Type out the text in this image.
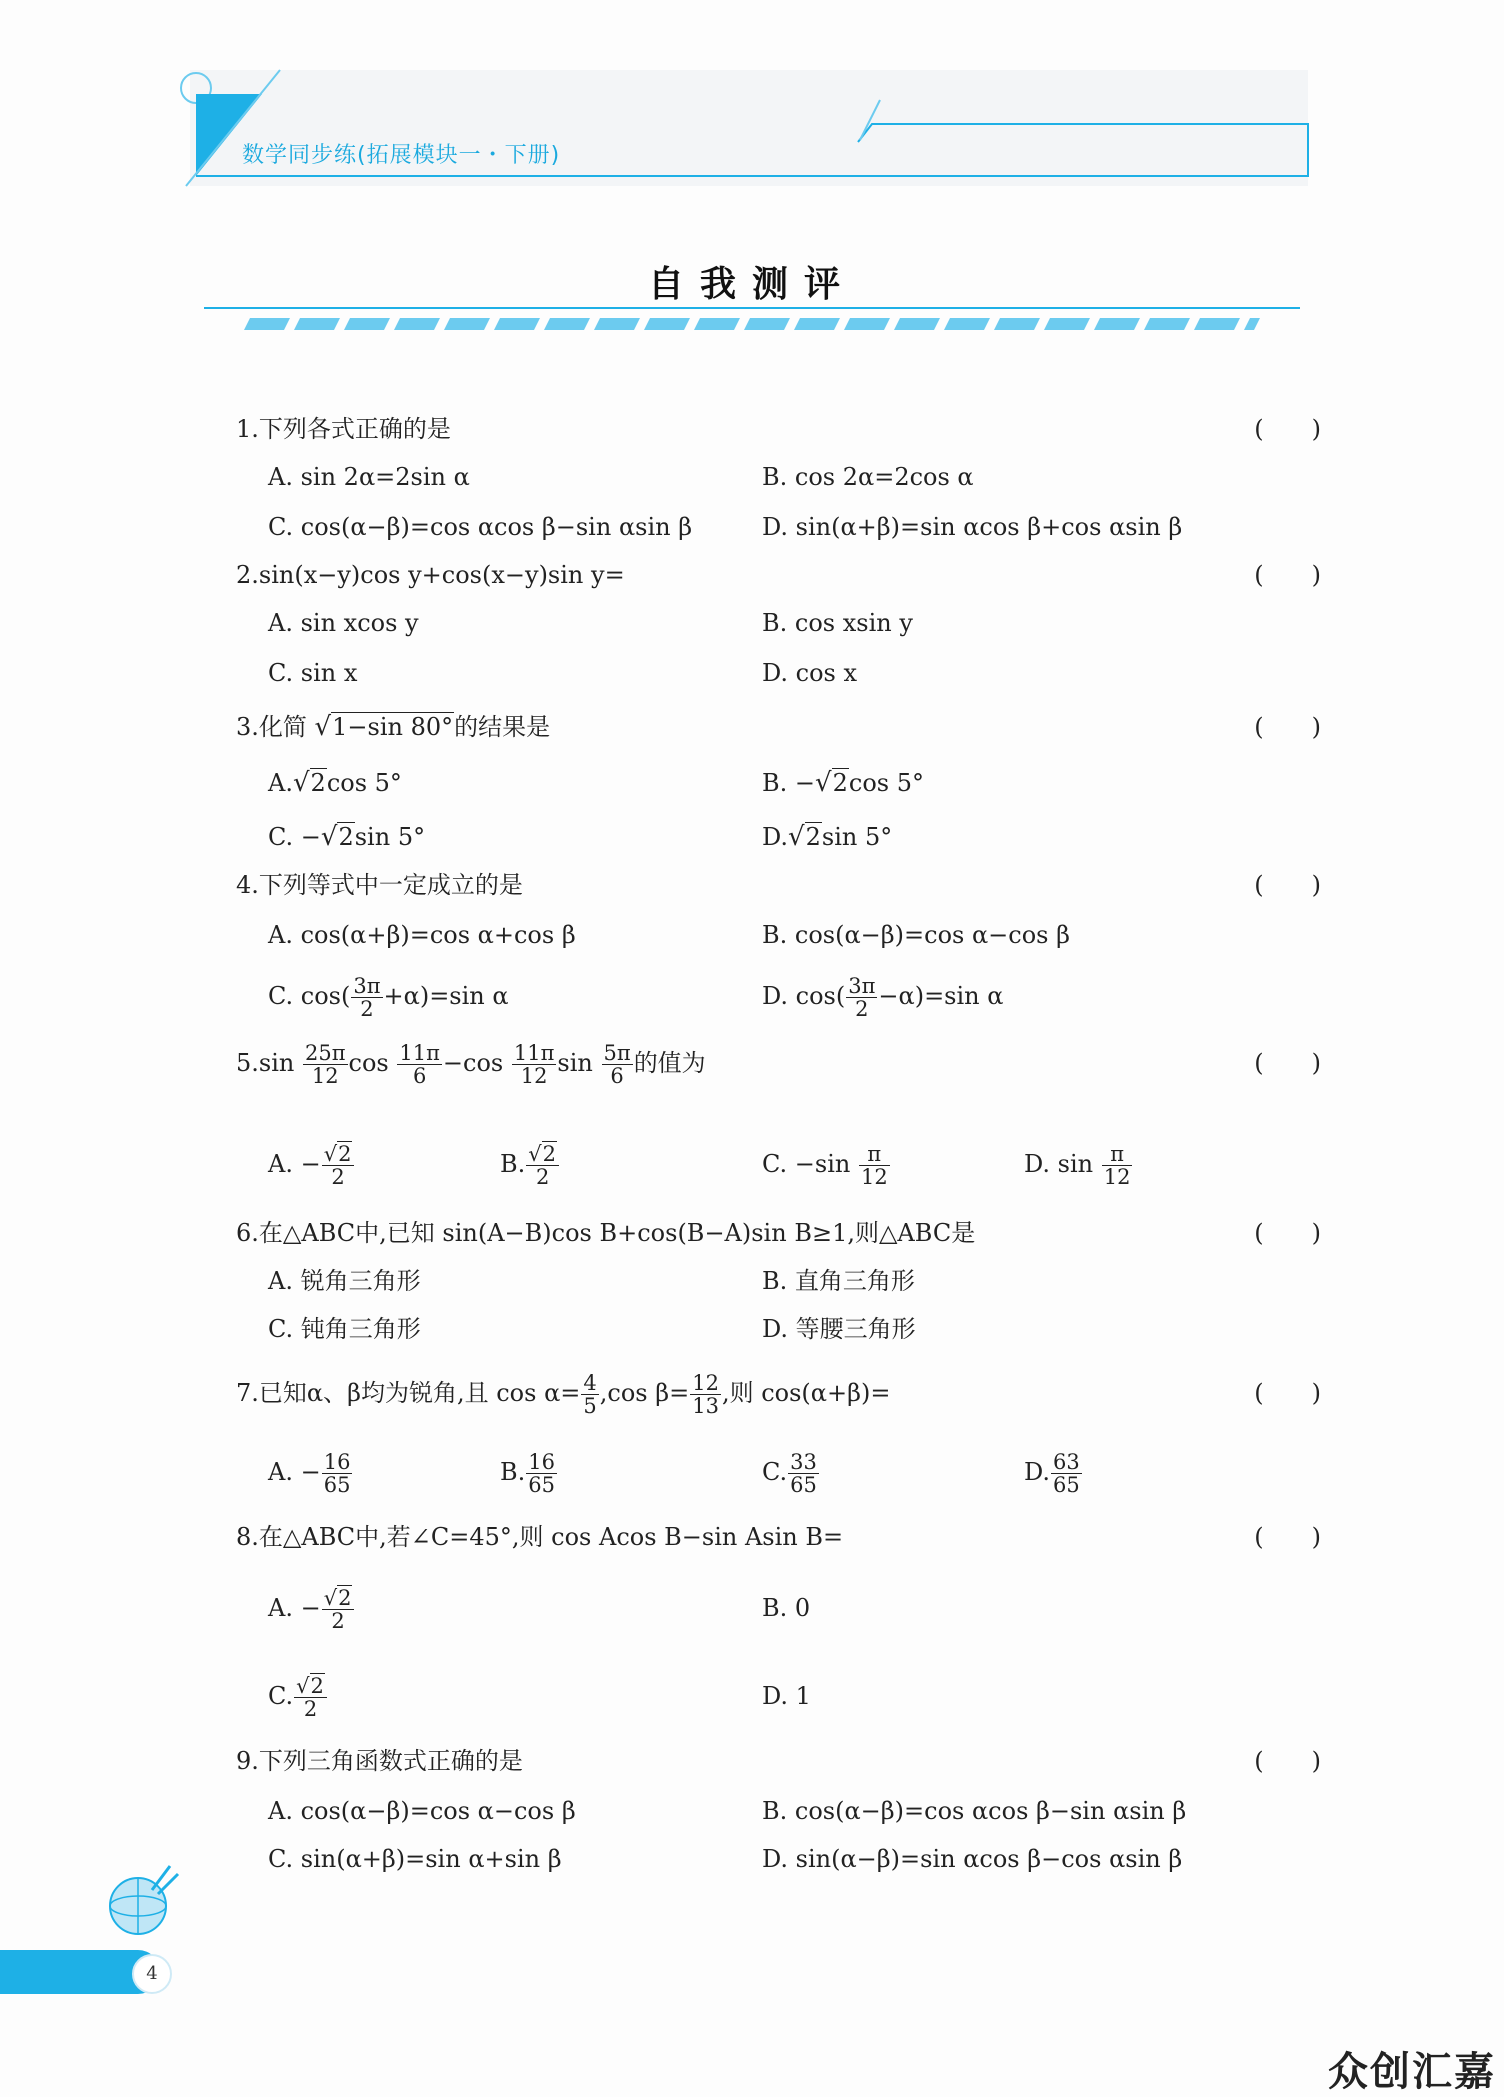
数学同步练(拓展模块一・下册)
自我测评
1.下列各式正确的是	(　　)
A. sin 2α=2sin α	B. cos 2α=2cos α
C. cos(α−β)=cos αcos β−sin αsin β	D. sin(α+β)=sin αcos β+cos αsin β
2.sin(x−y)cos y+cos(x−y)sin y=	(　　)
A. sin xcos y	B. cos xsin y
C. sin x	D. cos x
3.化简 √1−sin 80°的结果是	(　　)
A.√2cos 5°	B. −√2cos 5°
C. −√2sin 5°	D.√2sin 5°
4.下列等式中一定成立的是	(　　)
A. cos(α+β)=cos α+cos β	B. cos(α−β)=cos α−cos β
C. $\cos( \frac{3\pi}{2} +\alpha)=\sin$ α	D. $\cos( \frac{3\pi}{2} -\alpha)=\sin$ α
$5.\sin \frac{25\pi}{12}$ $\cos \frac{11\pi}{6} -\cos \frac{11\pi}{12}$ $\sin \frac{5\pi}{6}$ 的值为	(　　)
A. − $\frac{√2}{2}$	B. $\frac{√2}{2}$	C. $-\sin \frac{\pi}{12}$	D. $\sin \frac{\pi}{12}$
6.在△ABC中,已知 sin(A−B)cos B+cos(B−A)sin B≥1,则△ABC是	(　　)
A. 锐角三角形	B. 直角三角形
C. 钝角三角形	D. 等腰三角形
7.已知α、β均为锐角,且 $\cos \alpha= \frac{4}{5} ,\cos$ $\beta= \frac{12}{13}$ ,则 cos(α+β)=	(　　)
A. − $\frac{16}{65}$	B. $\frac{16}{65}$	C. $\frac{33}{65}$	D. $\frac{63}{65}$
8.在△ABC中,若∠C=45°,则 cos Acos B−sin Asin B=	(　　)
A. − $\frac{√2}{2}$	B. 0
C. $\frac{√2}{2}$	D. 1
9.下列三角函数式正确的是	(　　)
A. cos(α−β)=cos α−cos β	B. cos(α−β)=cos αcos β−sin αsin β
C. sin(α+β)=sin α+sin β	D. sin(α−β)=sin αcos β−cos αsin β
4
众创汇嘉
